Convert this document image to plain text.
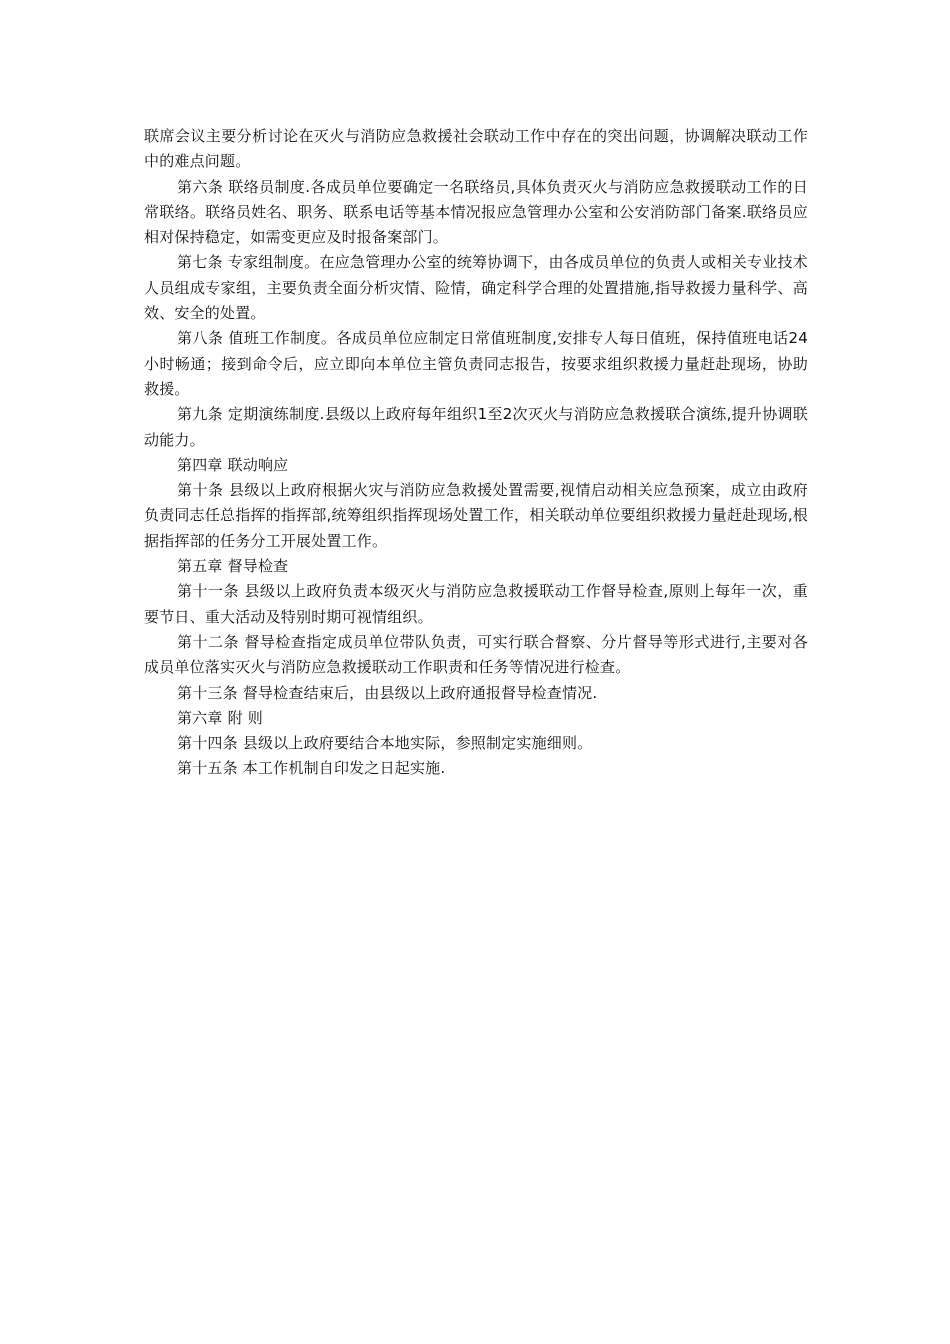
联席会议主要分析讨论在灭火与消防应急救援社会联动工作中存在的突出问题，协调解决联动工作中的难点问题。

第六条 联络员制度.各成员单位要确定一名联络员,具体负责灭火与消防应急救援联动工作的日常联络。联络员姓名、职务、联系电话等基本情况报应急管理办公室和公安消防部门备案.联络员应相对保持稳定，如需变更应及时报备案部门。

第七条 专家组制度。在应急管理办公室的统筹协调下，由各成员单位的负责人或相关专业技术人员组成专家组，主要负责全面分析灾情、险情，确定科学合理的处置措施,指导救援力量科学、高效、安全的处置。

第八条 值班工作制度。各成员单位应制定日常值班制度,安排专人每日值班，保持值班电话24小时畅通；接到命令后，应立即向本单位主管负责同志报告，按要求组织救援力量赶赴现场，协助救援。

第九条 定期演练制度.县级以上政府每年组织1至2次灭火与消防应急救援联合演练,提升协调联动能力。

第四章 联动响应

第十条 县级以上政府根据火灾与消防应急救援处置需要,视情启动相关应急预案，成立由政府负责同志任总指挥的指挥部,统筹组织指挥现场处置工作，相关联动单位要组织救援力量赶赴现场,根据指挥部的任务分工开展处置工作。

第五章 督导检查

第十一条 县级以上政府负责本级灭火与消防应急救援联动工作督导检查,原则上每年一次，重要节日、重大活动及特别时期可视情组织。

第十二条 督导检查指定成员单位带队负责，可实行联合督察、分片督导等形式进行,主要对各成员单位落实灭火与消防应急救援联动工作职责和任务等情况进行检查。

第十三条 督导检查结束后，由县级以上政府通报督导检查情况.

第六章 附 则

第十四条 县级以上政府要结合本地实际，参照制定实施细则。

第十五条 本工作机制自印发之日起实施.
